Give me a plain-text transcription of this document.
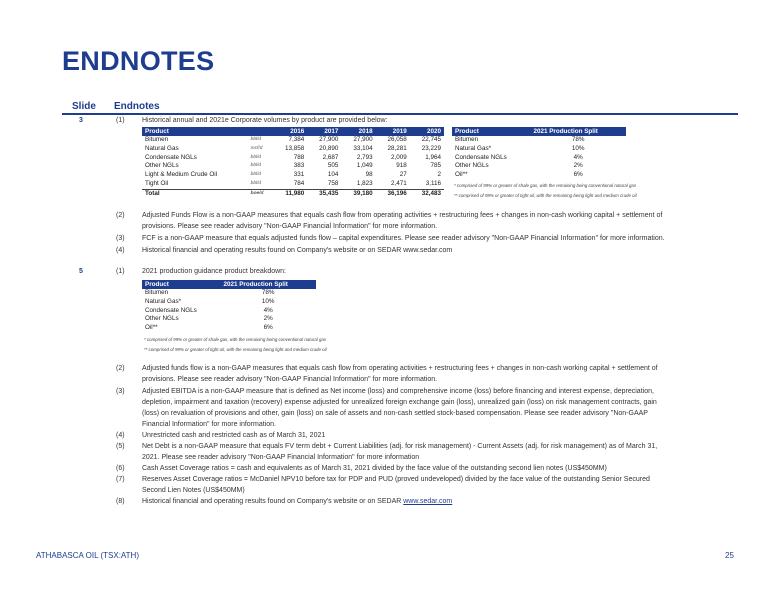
ENDNOTES
Slide Endnotes
3	(1) Historical annual and 2021e Corporate volumes by product are provided below:
Product		2016	2017	2018	2019	2020
Bitumen	bbl/d	7,384	27,900	27,900	26,058	22,745
Natural Gas	mcf/d	13,858	20,890	33,104	28,281	23,229
Condensate NGLs	bbl/d	788	2,687	2,793	2,009	1,964
Other NGLs	bbl/d	383	505	1,049	918	785
Light & Medium Crude Oil	bbl/d	331	104	98	27	2
Tight Oil	bbl/d	784	758	1,823	2,471	3,116
Total	boe/d	11,980	35,435	39,180	36,196	32,483
Product	2021 Production Split
Bitumen	78%
Natural Gas*	10%
Condensate NGLs	4%
Other NGLs	2%
Oil**	6%
* comprised of 99% or greater of shale gas, with the remaining being conventional natural gas
** comprised of 99% or greater of tight oil, with the remaining being light and medium crude oil
(2) Adjusted Funds Flow is a non-GAAP measures that equals cash flow from operating activities + restructuring fees + changes in non-cash working capital + settlement of
provisions. Please see reader advisory "Non-GAAP Financial Information" for more information.
(3) FCF is a non-GAAP measure that equals adjusted funds flow – capital expenditures. Please see reader advisory "Non-GAAP Financial Information" for more information.
(4) Historical financial and operating results found on Company's website or on SEDAR www.sedar.com
5	(1) 2021 production guidance product breakdown:
Product	2021 Production Split
Bitumen	78%
Natural Gas*	10%
Condensate NGLs	4%
Other NGLs	2%
Oil**	6%
* comprised of 99% or greater of shale gas, with the remaining being conventional natural gas
** comprised of 99% or greater of tight oil, with the remaining being light and medium crude oil
(2) Adjusted funds flow is a non-GAAP measures that equals cash flow from operating activities + restructuring fees + changes in non-cash working capital + settlement of
provisions. Please see reader advisory "Non-GAAP Financial Information" for more information.
(3) Adjusted EBITDA is a non-GAAP measure that is defined as Net income (loss) and comprehensive income (loss) before financing and interest expense, depreciation,
depletion, impairment and taxation (recovery) expense adjusted for unrealized foreign exchange gain (loss), unrealized gain (loss) on risk management contracts, gain
(loss) on revaluation of provisions and other, gain (loss) on sale of assets and non-cash settled stock-based compensation. Please see reader advisory "Non-GAAP
Financial Information" for more information.
(4) Unrestricted cash and restricted cash as of March 31, 2021
(5) Net Debt is a non-GAAP measure that equals FV term debt + Current Liabilities (adj. for risk management) - Current Assets (adj. for risk management) as of March 31,
2021. Please see reader advisory "Non-GAAP Financial Information" for more information
(6) Cash Asset Coverage ratios = cash and equivalents as of March 31, 2021 divided by the face value of the outstanding second lien notes (US$450MM)
(7) Reserves Asset Coverage ratios = McDaniel NPV10 before tax for PDP and PUD (proved undeveloped) divided by the face value of the outstanding Senior Secured
Second Lien Notes (US$450MM)
(8) Historical financial and operating results found on Company's website or on SEDAR www.sedar.com
ATHABASCA OIL (TSX:ATH)	25
